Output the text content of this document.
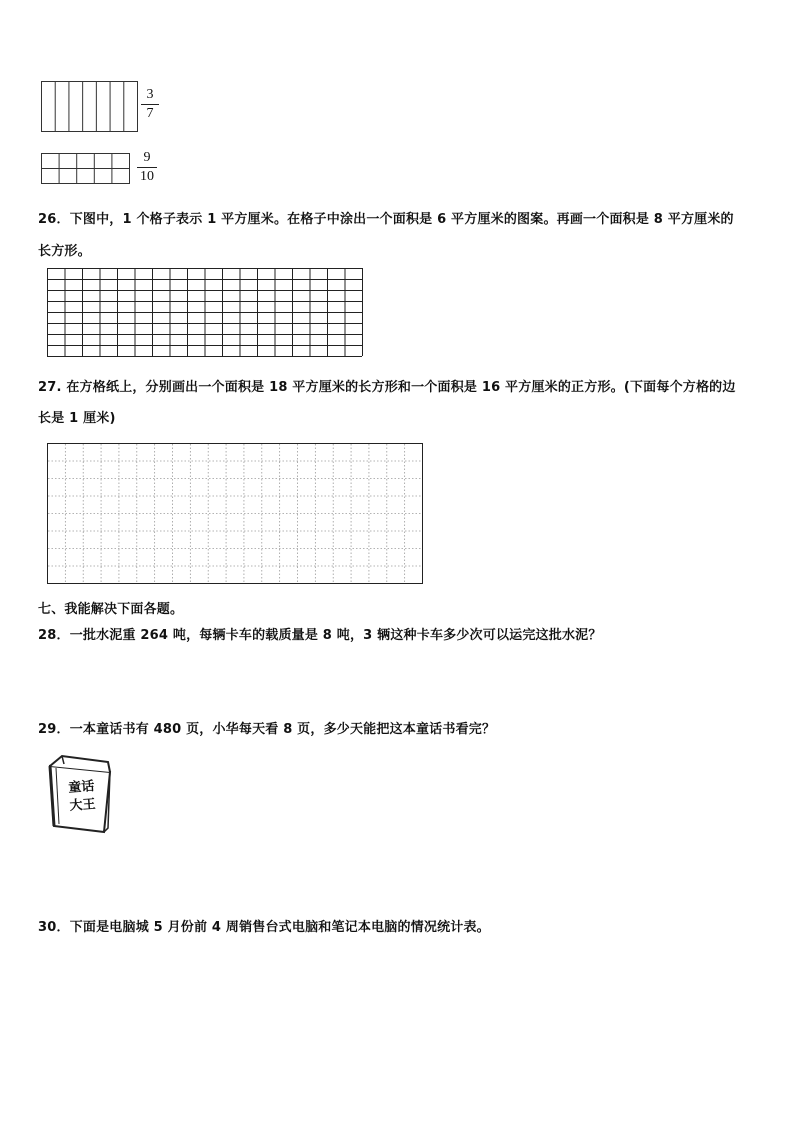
3
7
9
10
26．下图中，1 个格子表示 1 平方厘米。在格子中涂出一个面积是 6 平方厘米的图案。再画一个面积是 8 平方厘米的
长方形。
27. 在方格纸上，分别画出一个面积是 18 平方厘米的长方形和一个面积是 16 平方厘米的正方形。(下面每个方格的边
长是 1 厘米)
七、我能解决下面各题。
28．一批水泥重 264 吨，每辆卡车的载质量是 8 吨，3 辆这种卡车多少次可以运完这批水泥？
29．一本童话书有 480 页，小华每天看 8 页，多少天能把这本童话书看完？
童话
大王
30．下面是电脑城 5 月份前 4 周销售台式电脑和笔记本电脑的情况统计表。
